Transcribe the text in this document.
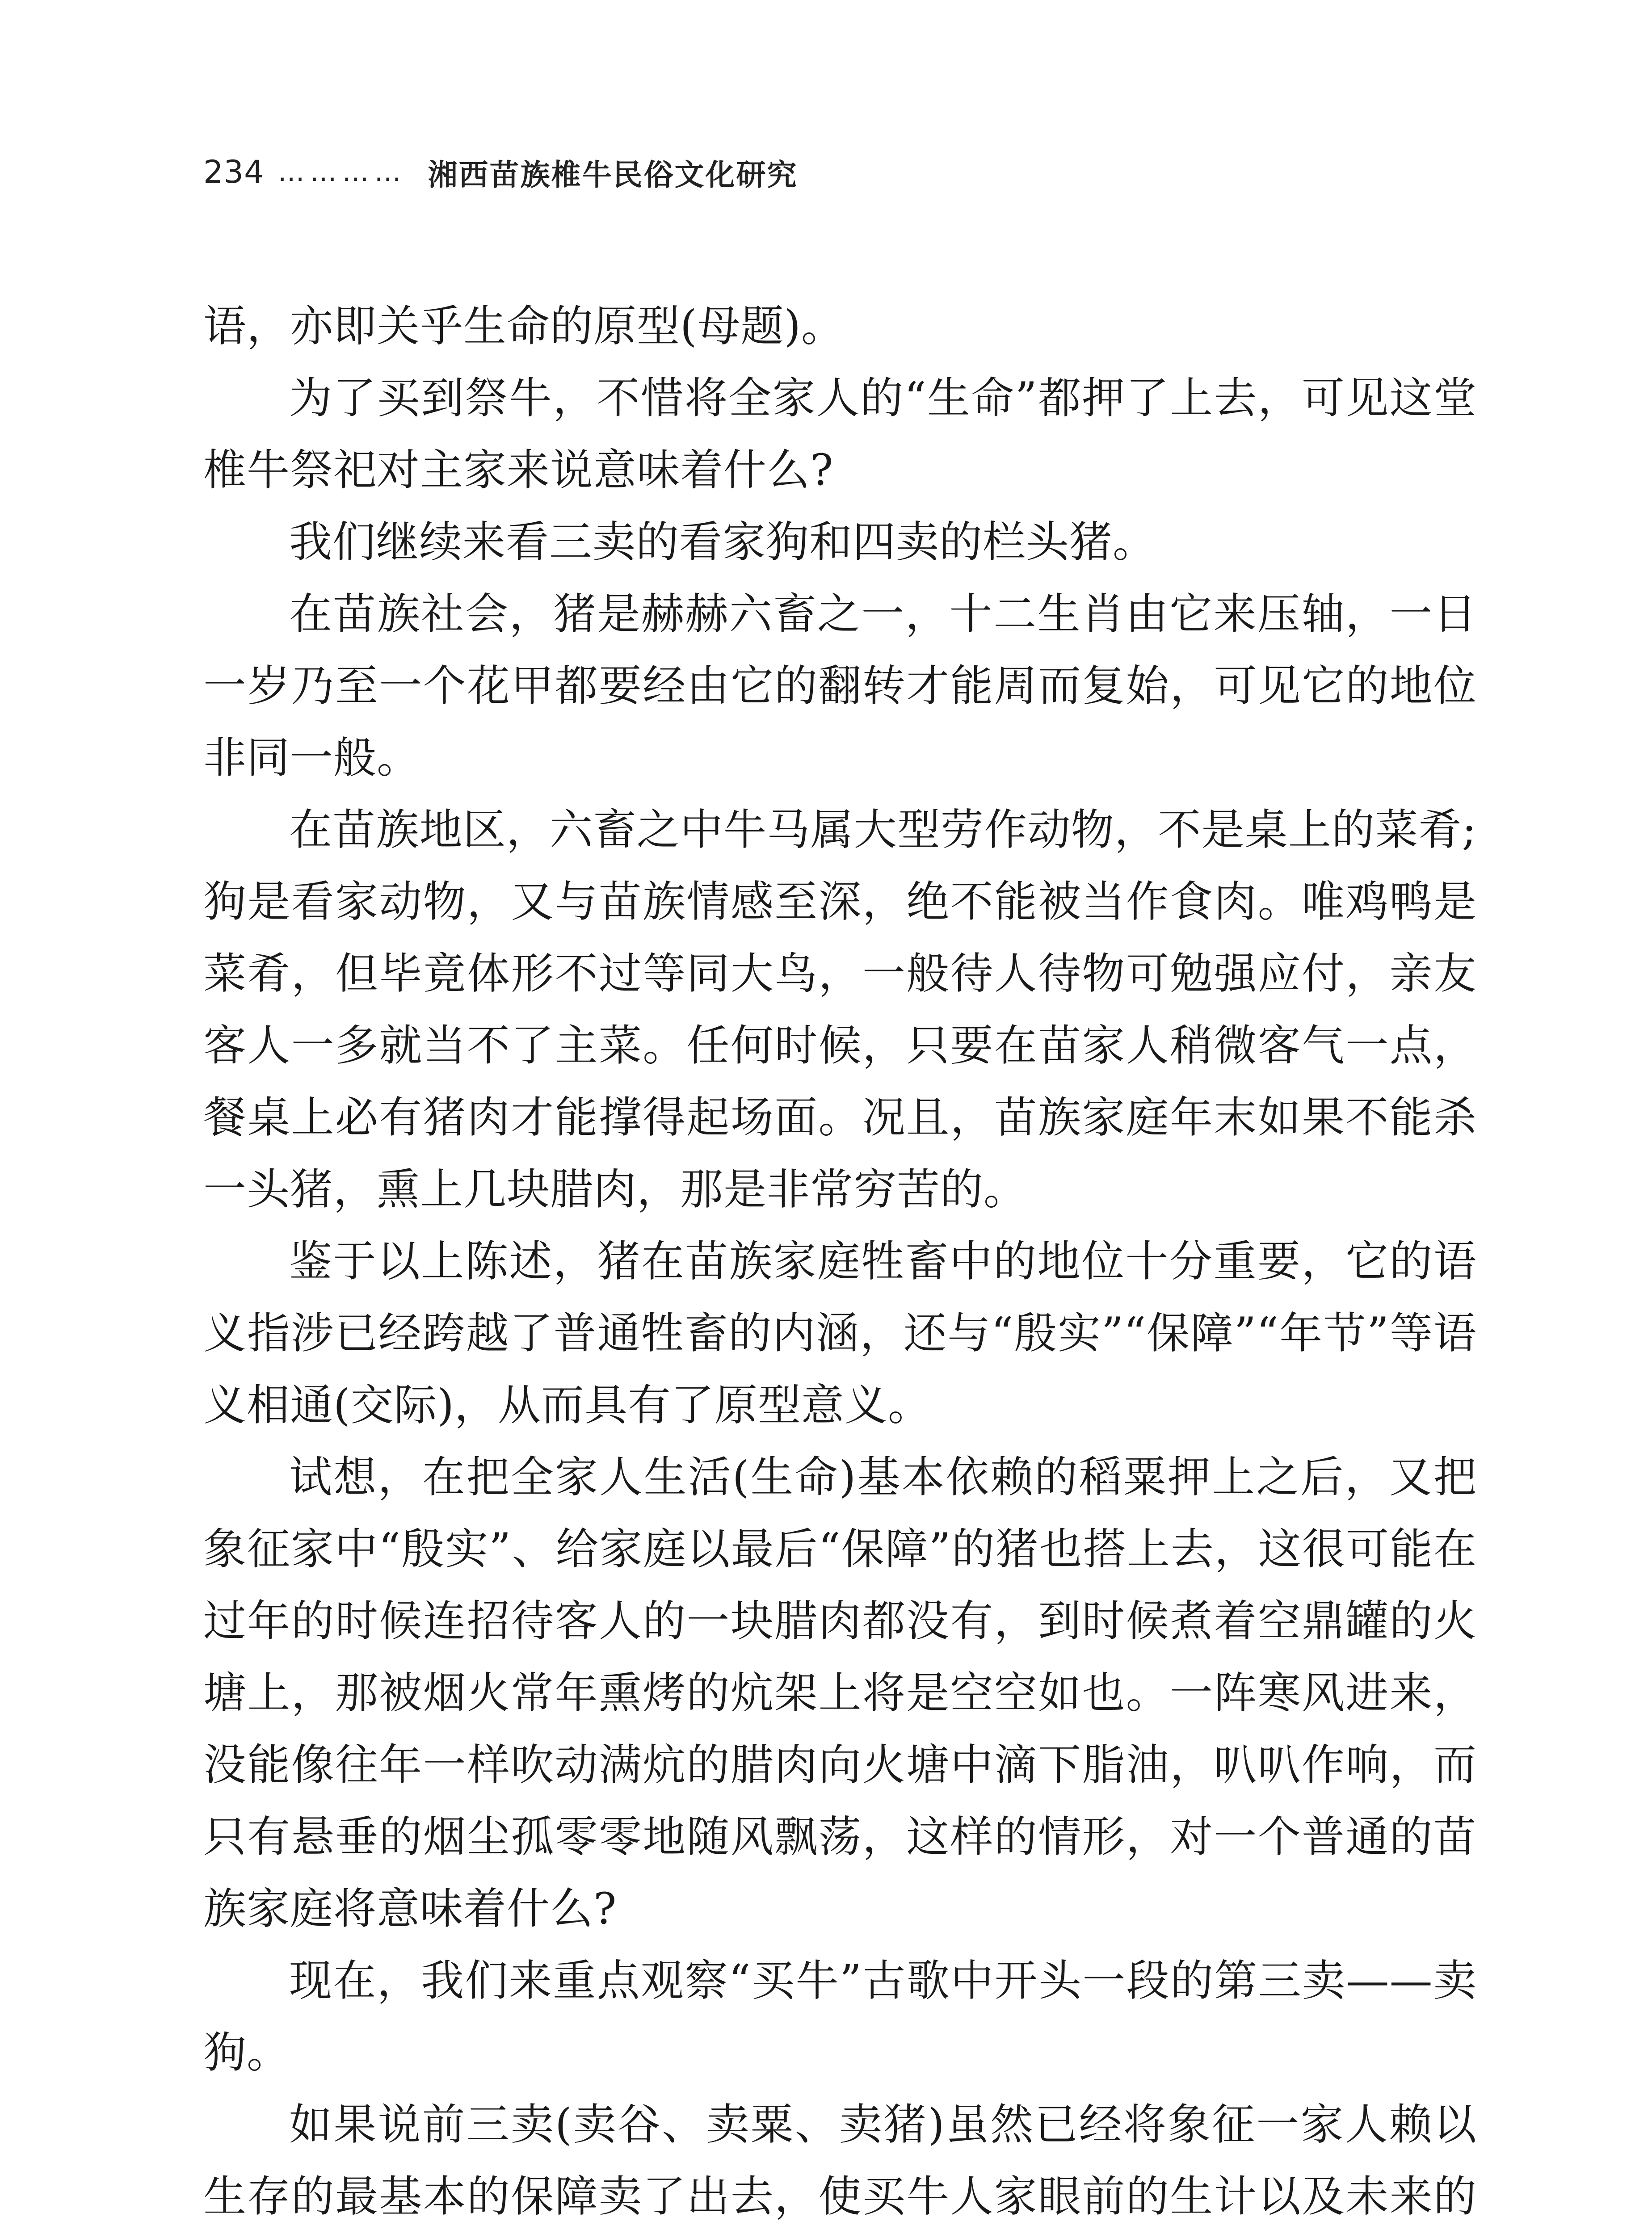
234 ………… 湘西苗族椎牛民俗文化研究

语，亦即关乎生命的原型(母题)。

为了买到祭牛，不惜将全家人的“生命”都押了上去，可见这堂椎牛祭祀对主家来说意味着什么?

我们继续来看三卖的看家狗和四卖的栏头猪。

在苗族社会，猪是赫赫六畜之一，十二生肖由它来压轴，一日一岁乃至一个花甲都要经由它的翻转才能周而复始，可见它的地位非同一般。

在苗族地区，六畜之中牛马属大型劳作动物，不是桌上的菜肴;狗是看家动物，又与苗族情感至深，绝不能被当作食肉。唯鸡鸭是菜肴，但毕竟体形不过等同大鸟，一般待人待物可勉强应付，亲友客人一多就当不了主菜。任何时候，只要在苗家人稍微客气一点，餐桌上必有猪肉才能撑得起场面。况且，苗族家庭年末如果不能杀一头猪，熏上几块腊肉，那是非常穷苦的。

鉴于以上陈述，猪在苗族家庭牲畜中的地位十分重要，它的语义指涉已经跨越了普通牲畜的内涵，还与“殷实”“保障”“年节”等语义相通(交际)，从而具有了原型意义。

试想，在把全家人生活(生命)基本依赖的稻粟押上之后，又把象征家中“殷实”、给家庭以最后“保障”的猪也搭上去，这很可能在过年的时候连招待客人的一块腊肉都没有，到时候煮着空鼎罐的火塘上，那被烟火常年熏烤的炕架上将是空空如也。一阵寒风进来，没能像往年一样吹动满炕的腊肉向火塘中滴下脂油，叭叭作响，而只有悬垂的烟尘孤零零地随风飘荡，这样的情形，对一个普通的苗族家庭将意味着什么?

现在，我们来重点观察“买牛”古歌中开头一段的第三卖——卖狗。

如果说前三卖(卖谷、卖粟、卖猪)虽然已经将象征一家人赖以生存的最基本的保障卖了出去，使买牛人家眼前的生计以及未来的
